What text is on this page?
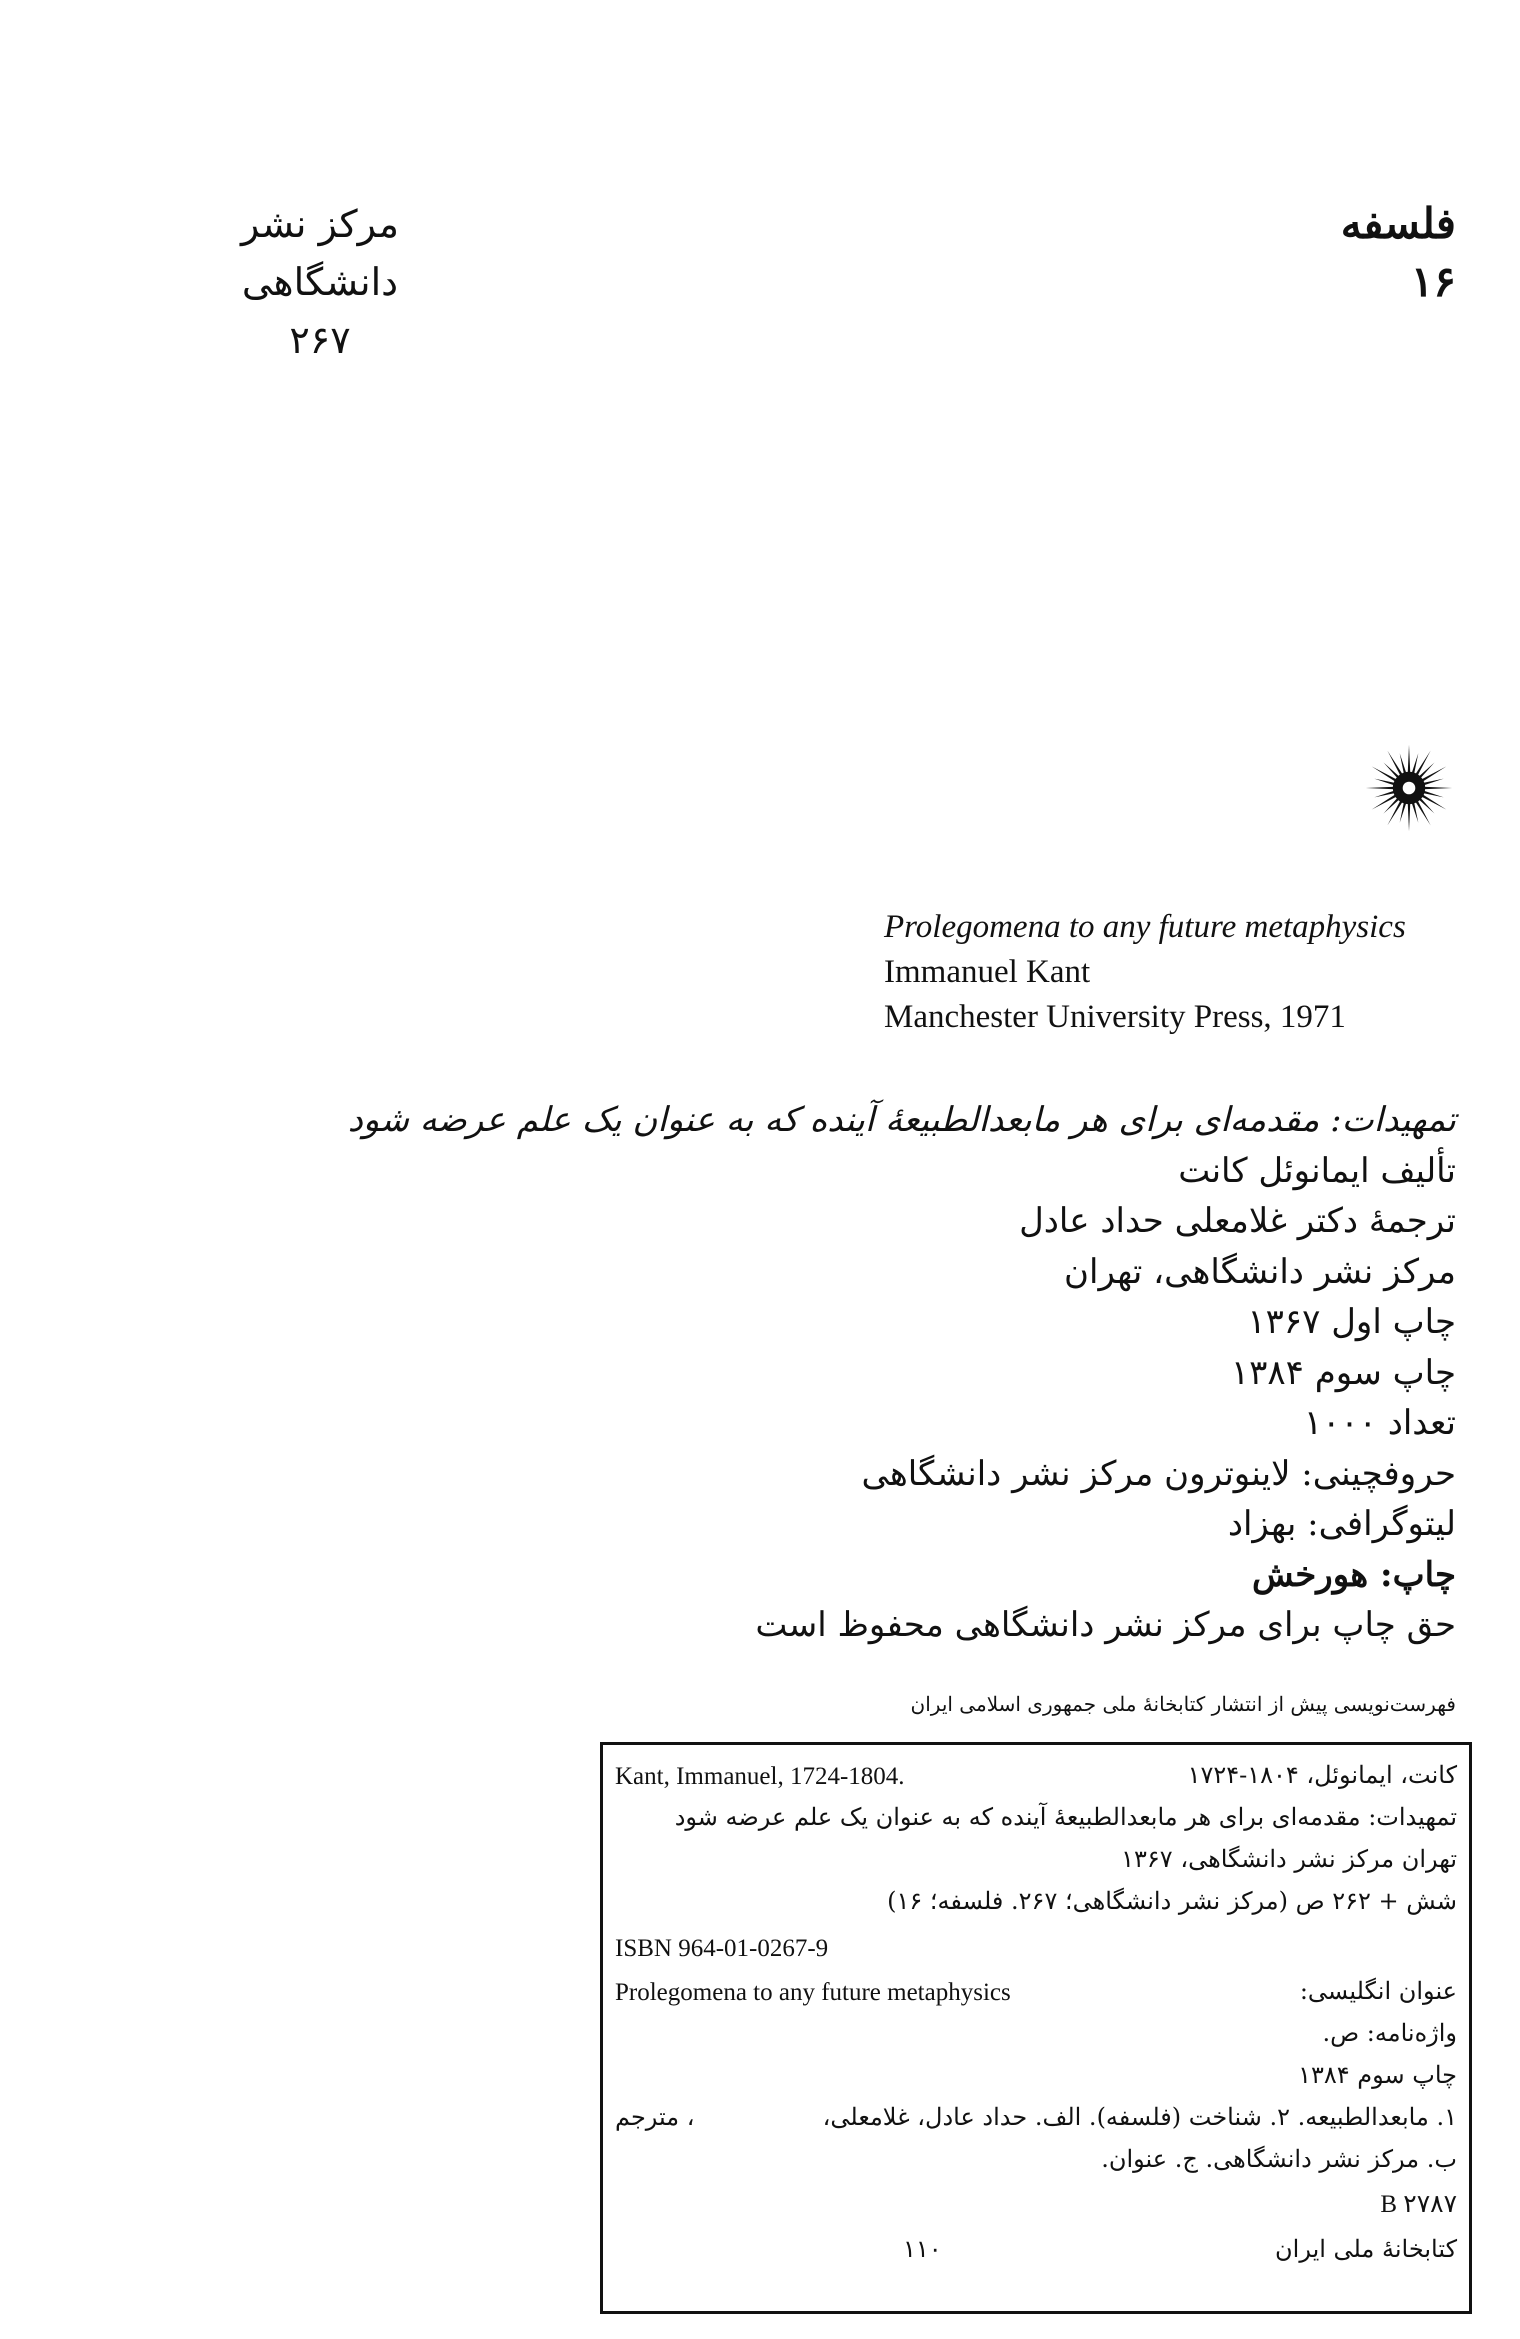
فلسفه
۱۶
مرکز نشر دانشگاهی
۲۶۷
Prolegomena to any future metaphysics
Immanuel Kant
Manchester University Press, 1971
تمهیدات: مقدمه‌ای برای هر مابعدالطبیعهٔ آینده که به عنوان یک علم عرضه شود
تألیف ایمانوئل کانت
ترجمهٔ دکتر غلامعلی حداد عادل
مرکز نشر دانشگاهی، تهران
چاپ اول ۱۳۶۷
چاپ سوم ۱۳۸۴
تعداد ۱۰۰۰
حروفچینی: لاینوترون مرکز نشر دانشگاهی
لیتوگرافی: بهزاد
چاپ: هورخش
حق چاپ برای مرکز نشر دانشگاهی محفوظ است
فهرست‌نویسی پیش از انتشار کتابخانهٔ ملی جمهوری اسلامی ایران
Kant, Immanuel, 1724-1804.	کانت، ایمانوئل، ۱۸۰۴-۱۷۲۴
تمهیدات: مقدمه‌ای برای هر مابعدالطبیعهٔ آینده که به عنوان یک علم عرضه شود
تهران مرکز نشر دانشگاهی، ۱۳۶۷
شش + ۲۶۲ ص (مرکز نشر دانشگاهی؛ ۲۶۷. فلسفه؛ ۱۶)
ISBN 964-01-0267-9
Prolegomena to any future metaphysics	عنوان انگلیسی:
واژه‌نامه: ص.
چاپ سوم ۱۳۸۴
۱. مابعدالطبیعه. ۲. شناخت (فلسفه). الف. حداد عادل، غلامعلی،
، مترجم
ب. مرکز نشر دانشگاهی. ج. عنوان.
B ۲۷۸۷
کتابخانهٔ ملی ایران
۱۱۰
